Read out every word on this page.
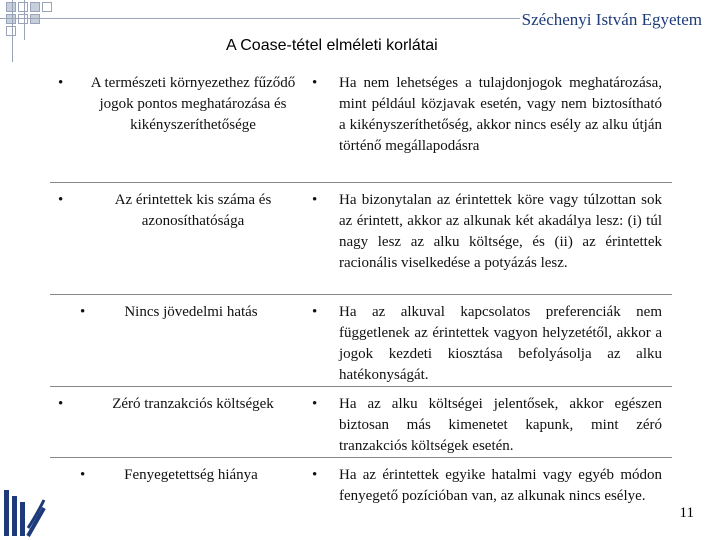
Széchenyi István Egyetem
A Coase-tétel elméleti korlátai
• A természeti környezethez fűződő jogok pontos meghatározása és kikényszeríthetősége	• Ha nem lehetséges a tulajdonjogok meghatározása, mint például közjavak esetén, vagy nem biztosítható a kikényszeríthetőség, akkor nincs esély az alku útján történő megállapodásra

• Az érintettek kis száma és azonosíthatósága	• Ha bizonytalan az érintettek köre vagy túlzottan sok az érintett, akkor az alkunak két akadálya lesz: (i) túl nagy lesz az alku költsége, és (ii) az érintettek racionális viselkedése a potyázás lesz.

• Nincs jövedelmi hatás	• Ha az alkuval kapcsolatos preferenciák nem függetlenek az érintettek vagyon helyzetétől, akkor a jogok kezdeti kiosztása befolyásolja az alku hatékonyságát.

• Zéró tranzakciós költségek	• Ha az alku költségei jelentősek, akkor egészen biztosan más kimenetet kapunk, mint zéró tranzakciós költségek esetén.

• Fenyegetettség hiánya	• Ha az érintettek egyike hatalmi vagy egyéb módon fenyegető pozícióban van, az alkunak nincs esélye.
11
